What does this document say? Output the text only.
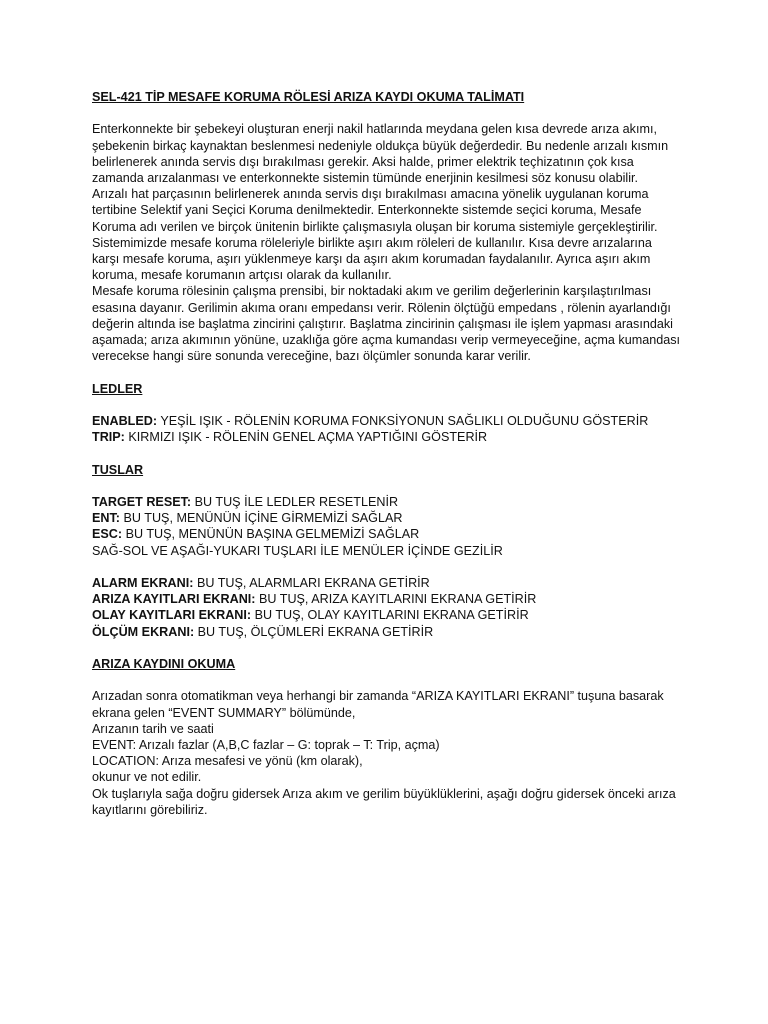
SEL-421 TİP MESAFE KORUMA RÖLESİ ARIZA KAYDI OKUMA TALİMATI

Enterkonnekte bir şebekeyi oluşturan enerji nakil hatlarında meydana gelen kısa devrede arıza akımı, şebekenin birkaç kaynaktan beslenmesi nedeniyle oldukça büyük değerdedir. Bu nedenle arızalı kısmın belirlenerek anında servis dışı bırakılması gerekir. Aksi halde, primer elektrik teçhizatının çok kısa zamanda arızalanması ve enterkonnekte sistemin tümünde enerjinin kesilmesi söz konusu olabilir.

Arızalı hat parçasının belirlenerek anında servis dışı bırakılması amacına yönelik uygulanan koruma tertibine Selektif yani Seçici Koruma denilmektedir. Enterkonnekte sistemde seçici koruma, Mesafe Koruma adı verilen ve birçok ünitenin birlikte çalışmasıyla oluşan bir koruma sistemiyle gerçekleştirilir.

Sistemimizde mesafe koruma röleleriyle birlikte aşırı akım röleleri de kullanılır. Kısa devre arızalarına karşı mesafe koruma, aşırı yüklenmeye karşı da aşırı akım korumadan faydalanılır. Ayrıca aşırı akım koruma, mesafe korumanın artçısı olarak da kullanılır.

Mesafe koruma rölesinin çalışma prensibi, bir noktadaki akım ve gerilim değerlerinin karşılaştırılması esasına dayanır. Gerilimin akıma oranı empedansı verir. Rölenin ölçtüğü empedans , rölenin ayarlandığı değerin altında ise başlatma zincirini çalıştırır. Başlatma zincirinin çalışması ile işlem yapması arasındaki aşamada; arıza akımının yönüne, uzaklığa göre açma kumandası verip vermeyeceğine, açma kumandası verecekse hangi süre sonunda vereceğine, bazı ölçümler sonunda karar verilir.

LEDLER

ENABLED: YEŞİL IŞIK - RÖLENİN KORUMA FONKSİYONUN SAĞLIKLI OLDUĞUNU GÖSTERİR

TRIP: KIRMIZI IŞIK - RÖLENİN GENEL AÇMA YAPTIĞINI GÖSTERİR

TUSLAR

TARGET RESET: BU TUŞ İLE LEDLER RESETLENİR

ENT: BU TUŞ, MENÜNÜN İÇİNE GİRMEMİZİ SAĞLAR

ESC: BU TUŞ, MENÜNÜN BAŞINA GELMEMİZİ SAĞLAR

SAĞ-SOL VE AŞAĞI-YUKARI TUŞLARI İLE MENÜLER İÇİNDE GEZİLİR

ALARM EKRANI: BU TUŞ, ALARMLARI EKRANA GETİRİR

ARIZA KAYITLARI EKRANI: BU TUŞ, ARIZA KAYITLARINI EKRANA GETİRİR

OLAY KAYITLARI EKRANI: BU TUŞ, OLAY KAYITLARINI EKRANA GETİRİR

ÖLÇÜM EKRANI: BU TUŞ, ÖLÇÜMLERİ EKRANA GETİRİR

ARIZA KAYDINI OKUMA

Arızadan sonra otomatikman veya herhangi bir zamanda “ARIZA KAYITLARI EKRANI” tuşuna basarak ekrana gelen “EVENT SUMMARY” bölümünde,

Arızanın tarih ve saati

EVENT: Arızalı fazlar (A,B,C fazlar – G: toprak – T: Trip, açma)

LOCATION: Arıza mesafesi ve yönü (km olarak),

okunur ve not edilir.

Ok tuşlarıyla sağa doğru gidersek Arıza akım ve gerilim büyüklüklerini, aşağı doğru gidersek önceki arıza kayıtlarını görebiliriz.
